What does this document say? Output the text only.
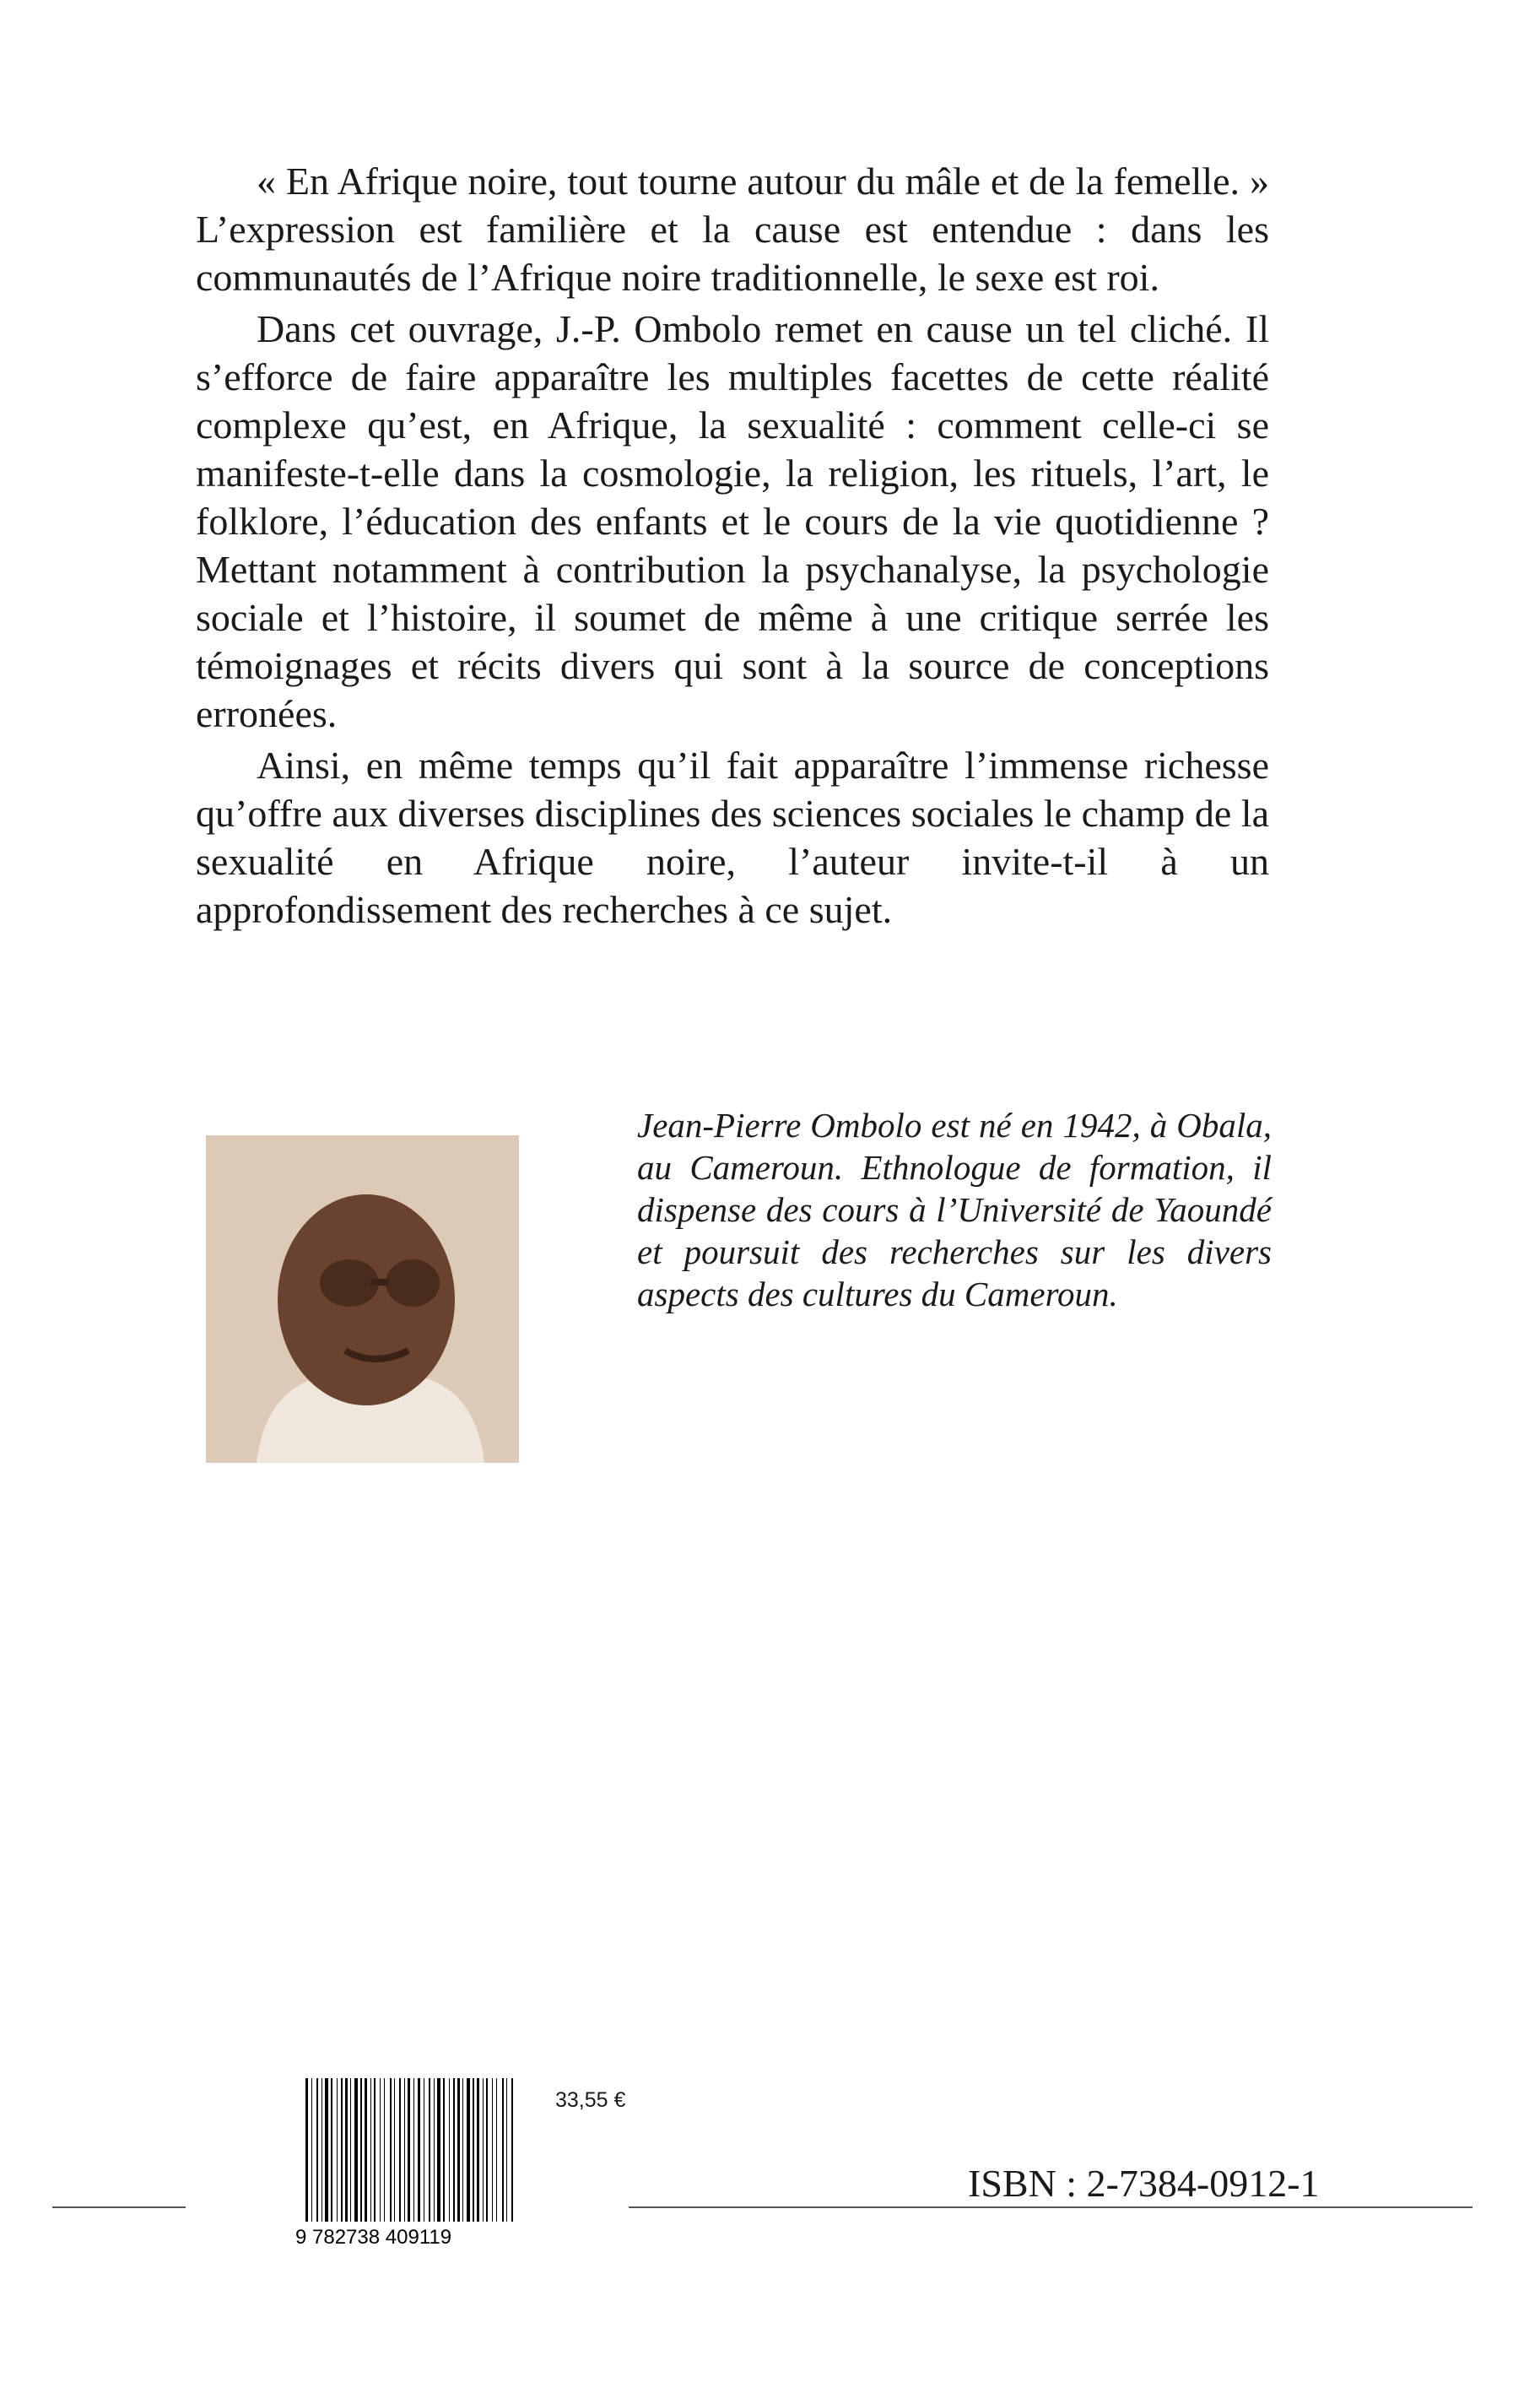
« En Afrique noire, tout tourne autour du mâle et de la femelle. » L’expression est familière et la cause est entendue : dans les communautés de l’Afrique noire traditionnelle, le sexe est roi.

Dans cet ouvrage, J.-P. Ombolo remet en cause un tel cliché. Il s’efforce de faire apparaître les multiples facettes de cette réalité complexe qu’est, en Afrique, la sexualité : comment celle-ci se manifeste-t-elle dans la cosmologie, la religion, les rituels, l’art, le folklore, l’éducation des enfants et le cours de la vie quotidienne ? Mettant notamment à contribution la psychanalyse, la psychologie sociale et l’histoire, il soumet de même à une critique serrée les témoignages et récits divers qui sont à la source de conceptions erronées.

Ainsi, en même temps qu’il fait apparaître l’immense richesse qu’offre aux diverses disciplines des sciences sociales le champ de la sexualité en Afrique noire, l’auteur invite-t-il à un approfondissement des recherches à ce sujet.

Jean-Pierre Ombolo est né en 1942, à Obala, au Cameroun. Ethnologue de formation, il dispense des cours à l’Université de Yaoundé et poursuit des recherches sur les divers aspects des cultures du Cameroun.
9 782738 409119
33,55 €
ISBN : 2-7384-0912-1
